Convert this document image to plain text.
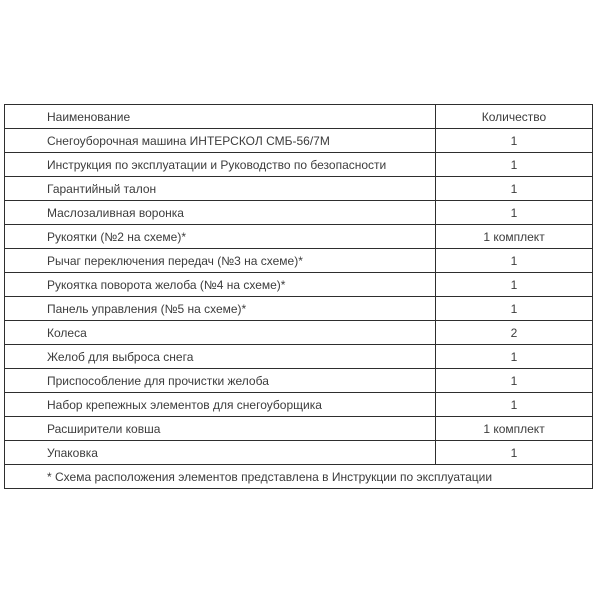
Наименование	Количество
Снегоуборочная машина ИНТЕРСКОЛ СМБ-56/7М	1
Инструкция по эксплуатации и Руководство по безопасности	1
Гарантийный талон	1
Маслозаливная воронка	1
Рукоятки (№2 на схеме)*	1 комплект
Рычаг переключения передач (№3 на схеме)*	1
Рукоятка поворота желоба (№4 на схеме)*	1
Панель управления (№5 на схеме)*	1
Колеса	2
Желоб для выброса снега	1
Приспособление для прочистки желоба	1
Набор крепежных элементов для снегоуборщика	1
Расширители ковша	1 комплект
Упаковка	1
* Схема расположения элементов представлена в Инструкции по эксплуатации	
